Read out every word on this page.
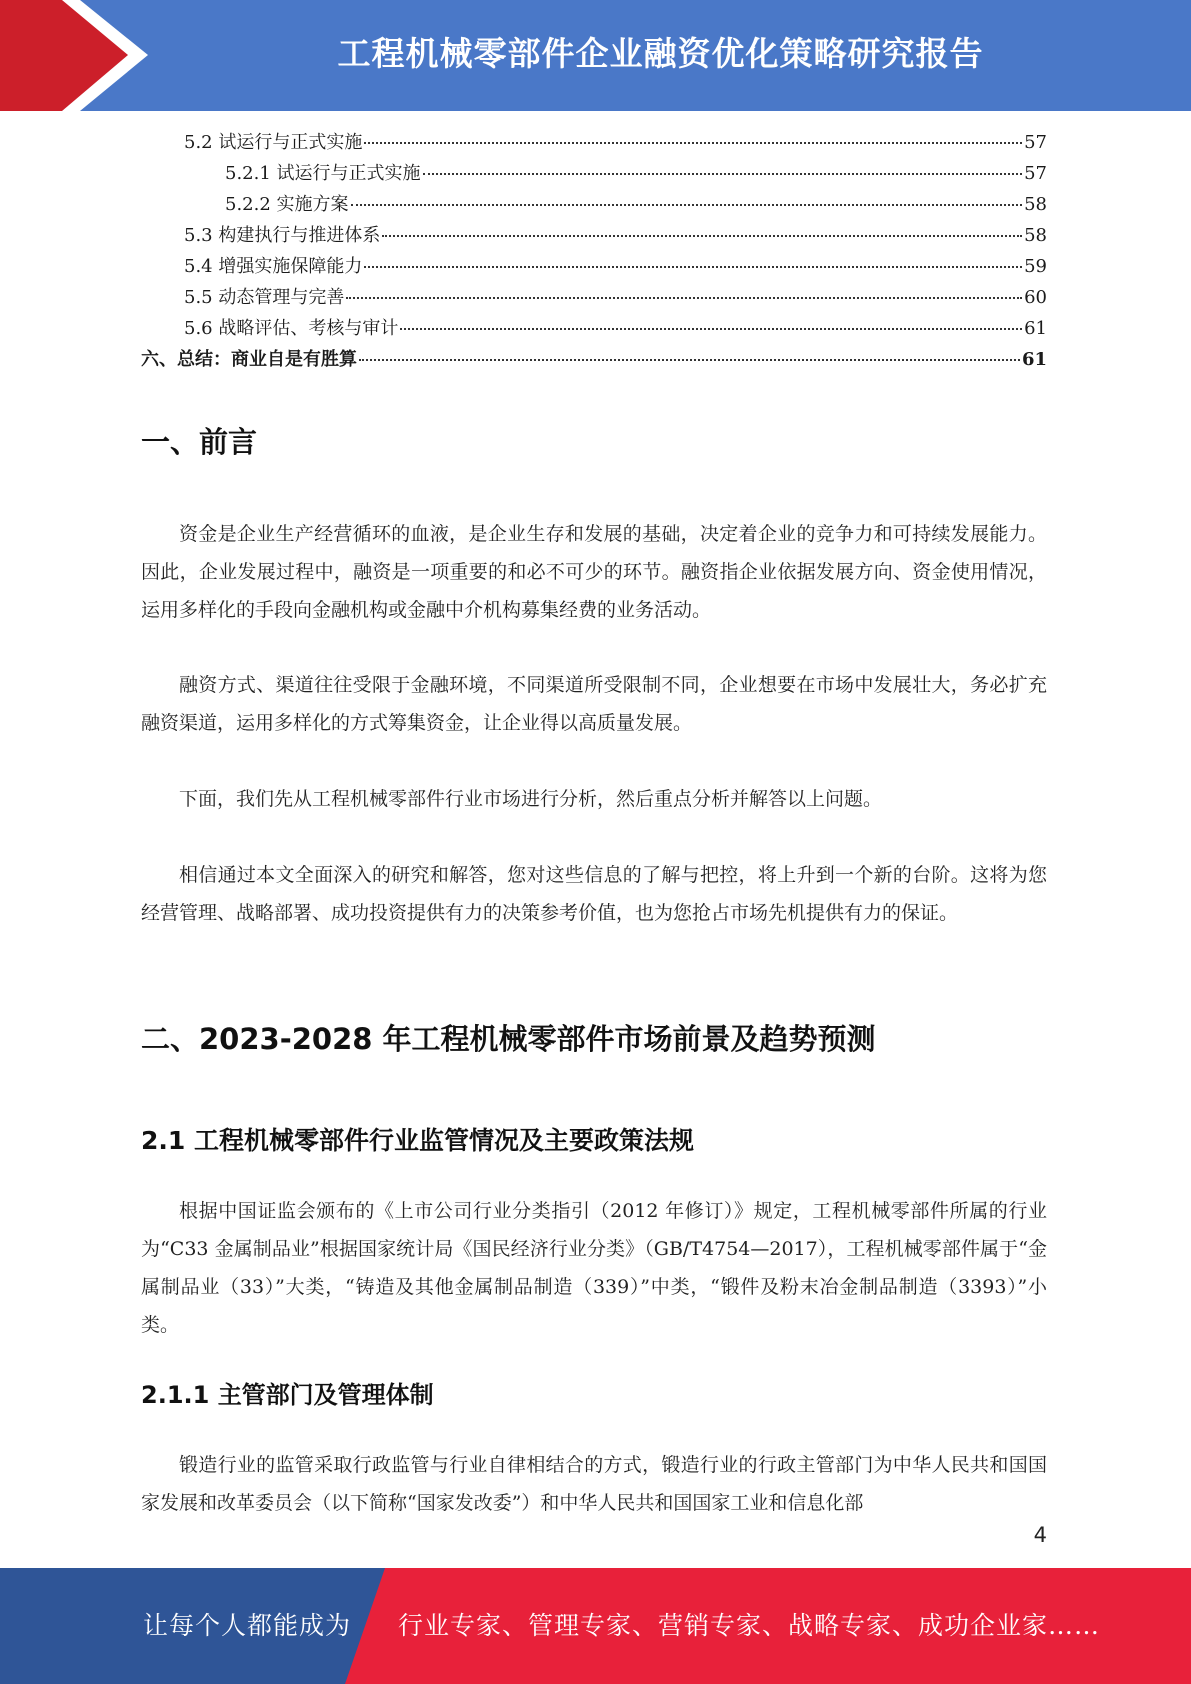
工程机械零部件企业融资优化策略研究报告
5.2 试运行与正式实施	57
5.2.1 试运行与正式实施	57
5.2.2 实施方案	58
5.3 构建执行与推进体系	58
5.4 增强实施保障能力	59
5.5 动态管理与完善	60
5.6 战略评估、考核与审计	61
六、总结：商业自是有胜算	61
一、前言
资金是企业生产经营循环的血液，是企业生存和发展的基础，决定着企业的竞争力和可持续发展能力。因此，企业发展过程中，融资是一项重要的和必不可少的环节。融资指企业依据发展方向、资金使用情况，运用多样化的手段向金融机构或金融中介机构募集经费的业务活动。
融资方式、渠道往往受限于金融环境，不同渠道所受限制不同，企业想要在市场中发展壮大，务必扩充融资渠道，运用多样化的方式筹集资金，让企业得以高质量发展。
下面，我们先从工程机械零部件行业市场进行分析，然后重点分析并解答以上问题。
相信通过本文全面深入的研究和解答，您对这些信息的了解与把控，将上升到一个新的台阶。这将为您经营管理、战略部署、成功投资提供有力的决策参考价值，也为您抢占市场先机提供有力的保证。
二、2023-2028 年工程机械零部件市场前景及趋势预测
2.1 工程机械零部件行业监管情况及主要政策法规
根据中国证监会颁布的《上市公司行业分类指引（2012 年修订）》规定，工程机械零部件所属的行业为“C33 金属制品业”根据国家统计局《国民经济行业分类》（GB/T4754—2017），工程机械零部件属于“金属制品业（33）”大类，“铸造及其他金属制品制造（339）”中类，“锻件及粉末冶金制品制造（3393）”小类。
2.1.1 主管部门及管理体制
锻造行业的监管采取行政监管与行业自律相结合的方式，锻造行业的行政主管部门为中华人民共和国国家发展和改革委员会（以下简称“国家发改委”）和中华人民共和国国家工业和信息化部
4
让每个人都能成为 行业专家、管理专家、营销专家、战略专家、成功企业家……
